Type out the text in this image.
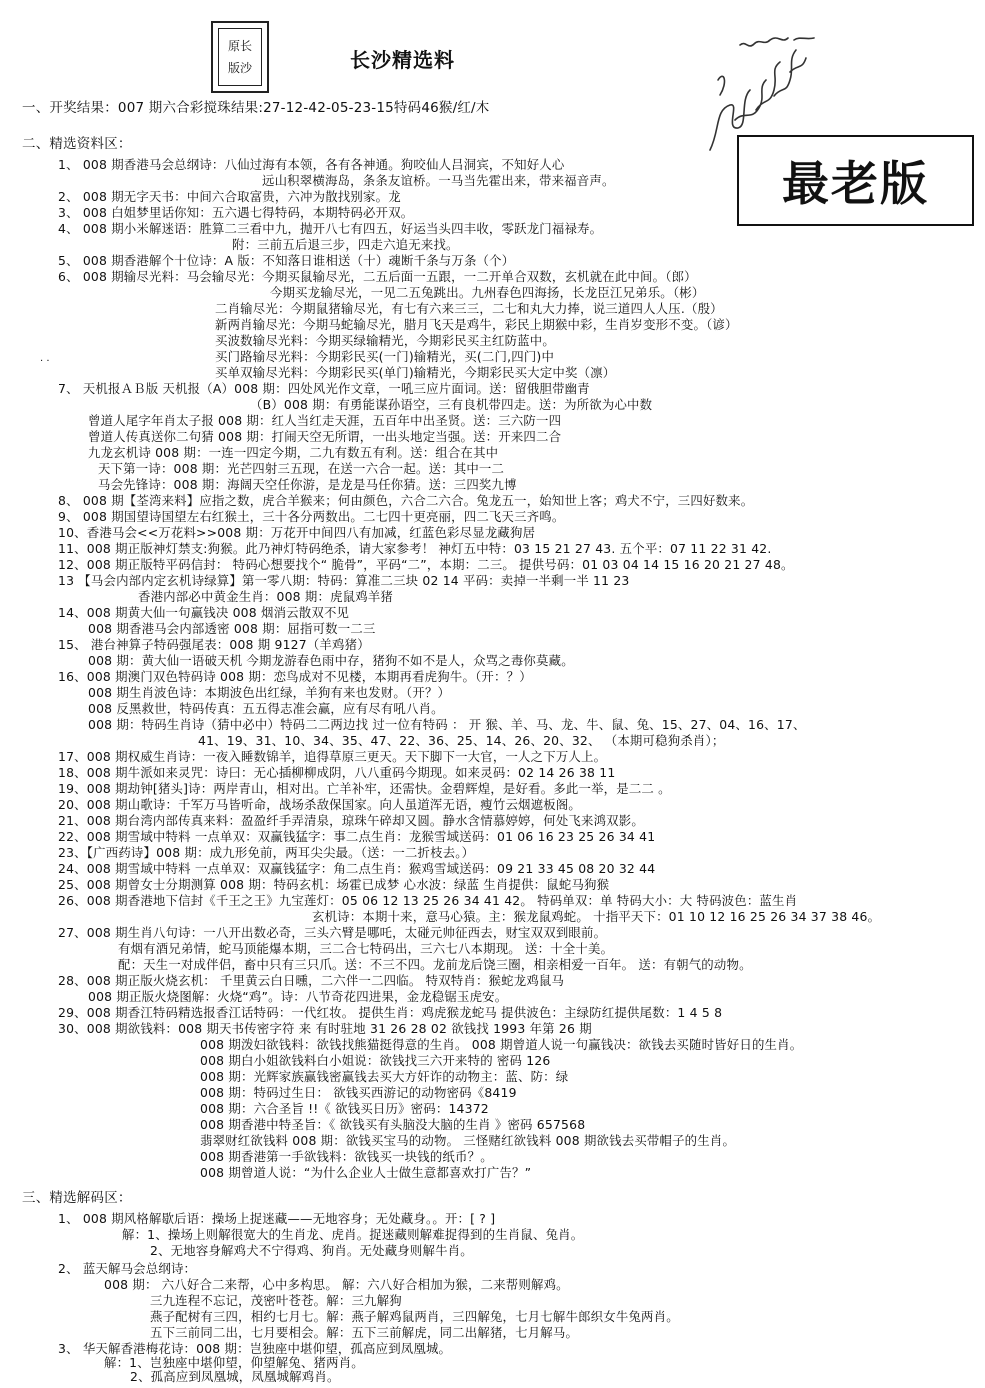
原长
版沙	长沙精选料
最老版
一、开奖结果：007 期六合彩搅珠结果:27-12-42-05-23-15特码46猴/红/木
二、精选资料区：
1、 008 期香港马会总纲诗：八仙过海有本领，各有各神通。狗咬仙人吕洞宾，不知好人心
远山积翠横海岛，条条友谊桥。一马当先霍出来，带来福音声。
2、 008 期无字天书：中间六合取富贵，六冲为散找别家。龙
3、 008 白姐梦里话你知：五六遇七得特码，本期特码必开双。
4、 008 期小米解迷语：胜算二三看中九，抛开八七有四五，好运当头四丰收，零跃龙门福禄寿。
附：三前五后退三步，四走六追无来找。
5、 008 期香港解个十位诗：A 版：不知落日谁相送（十）魂断千条与万条（个）
6、 008 期输尽光料：马会输尽光：今期买鼠输尽光，二五后面一五跟，一二开单合双数，玄机就在此中间。（郎）
今期买龙输尽光，一见二五兔跳出。九州春色四海扬，长龙臣江兄弟乐。（彬）
二肖输尽光：今期鼠猪输尽光，有七有六来三三，二七和丸大力捧，说三道四人人压.（殷）
新两肖输尽光：今期马蛇输尽光，腊月飞天是鸡牛，彩民上期猴中彩，生肖岁变形不变。（谚）
买波数输尽光料：今期买绿输精光，今期彩民买主红防蓝中。
买门路输尽光料：今期彩民买(一门)输精光，买(二门,四门)中
买单双输尽光料：今期彩民买(单门)输精光，今期彩民买大定中奖（凛）
. .
7、 天机报ＡＢ版 天机报（A）008 期：四处风光作文章，一吼三应片面词。送：留俄胆带幽青
（B）008 期：有勇能谋孙语空，三有良机带四走。送：为所欲为心中数
曾道人尾字年肖太子报 008 期：红人当红走天涯，五百年中出圣贤。送：三六防一四
曾道人传真送你二句猜 008 期：打闹天空无所谓，一出头地定当强。送：开来四二合
九龙玄机诗 008 期：一连一四定今期，二九有数五有利。送：组合在其中
天下第一诗：008 期：光芒四射三五现，在送一六合一起。送：其中一二
马会先锋诗：008 期：海阔天空任你游，是龙是马任你猜。送：三四奖九博
8、 008 期【荃湾来料】应指之数，虎合羊猴来；何由颜色，六合二六合。兔龙五一，始知世上客；鸡犬不宁，三四好数来。
9、 008 期国望诗国望左右红猴土，三十各分两数出。二七四十更亮丽，四二飞天三齐鸣。
10、香港马会<<万花料>>008 期：万花开中间四八有加减，红蓝色彩尽显龙藏狗居
11、008 期正版神灯禁支:狗猴。此乃神灯特码绝杀，请大家参考！ 神灯五中特：03 15 21 27 43. 五个平：07 11 22 31 42.
12、008 期正版特平码信封： 特码心想要找个“ 脆骨”，平码“二”，本期：二三。 提供号码：01 03 04 14 15 16 20 21 27 48。
13 【马会内部内定玄机诗绿算】第一零八期：特码：算准二三块 02 14 平码：卖掉一半剩一半 11 23
香港内部必中黄金生肖：008 期：虎鼠鸡羊猪
14、008 期黄大仙一句赢钱决 008 烟消云散双不见
008 期香港马会内部透密 008 期：屈指可数一二三
15、 港台神算子特码强尾表：008 期 9127（羊鸡猪）
008 期：黄大仙一语破天机 今期龙游春色雨中存，猪狗不如不是人，众骂之毒你莫藏。
16、008 期澳门双色特码诗 008 期：恋鸟成对不见楼，本期再看虎狗牛。（开：？）
008 期生肖波色诗：本期波色出红绿，羊狗有来也发财。（开？）
008 反黑救世，特码传真：五五得志准会赢，应有尽有吼八肖。
008 期：特码生肖诗（猜中必中）特码二二两边找 过一位有特码 ： 开 猴、羊、马、龙、牛、鼠、兔、15、27、04、16、17、
41、19、31、10、34、35、47、22、36、25、14、26、20、32、 （本期可稳狗杀肖）；
17、008 期权威生肖诗：一夜入睡数锦羊，追得草原三更天。天下脚下一大官，一人之下万人上。
18、008 期牛派如来灵咒：诗曰：无心插柳柳成阴，八八重码今期现。如来灵码：02 14 26 38 11
19、008 期劫钟[猪头]诗：两岸青山，相对出。亡羊补牢，还需快。金碧辉煌，是好看。多此一举，是二二 。
20、008 期山歌诗：千军万马皆听命，战场杀敌保国家。向人虽道浑无语，瘦竹云烟遮板阁。
21、008 期台湾内部传真来料：盈盈纤手弄清泉，琼珠午碎却又圆。静水含情慕婷婷，何处飞来鸿双影。
22、008 期雪域中特料 一点单双：双赢钱猛字：事二点生肖：龙猴雪域送码：01 06 16 23 25 26 34 41
23、【广西药诗】008 期：成九形免前，两耳尖尖最。（送：一二折枝去。）
24、008 期雪域中特料 一点单双：双赢钱猛字：角二点生肖：猴鸡雪域送码：09 21 33 45 08 20 32 44
25、008 期曾女士分期测算 008 期：特码玄机：场霍已成梦 心水波：绿蓝 生肖提供：鼠蛇马狗猴
26、008 期香港地下信封《千王之王》九宝莲灯：05 06 12 13 25 26 34 41 42。 特码单双：单 特码大小：大 特码波色：蓝生肖
玄机诗：本期十来，意马心猿。主：猴龙鼠鸡蛇。 十指平天下：01 10 12 16 25 26 34 37 38 46。
27、008 期生肖八句诗：一八开出数必奇，三头六臂是哪吒，太碰元帅征西去，财宝双双到眼前。
有烟有酒兄弟情，蛇马顶能爆本期，三二合七特码出，三六七八本期现。 送：十全十美。
配：天生一对成伴侣，畜中只有三只爪。送：不三不四。龙前龙后饶三圈，相亲相爱一百年。 送：有朝气的动物。
28、008 期正版火烧玄机： 千里黄云白日曛，二六伴一二四临。 特双特肖：猴蛇龙鸡鼠马
008 期正版火烧图解：火烧“鸡”。诗：八节奇花四进果，金龙稳锯玉虎安。
29、008 期香江特码精选报香江话特码：一代红妆。 提供生肖：鸡虎猴龙蛇马 提供波色：主绿防红提供尾数：1 4 5 8
30、008 期欲钱料：008 期天书传密字符 来 有时驻地 31 26 28 02 欲钱找 1993 年第 26 期
008 期泼妇欲钱料：欲钱找熊猫挺得意的生肖。 008 期曾道人说一句赢钱决：欲钱去买随时皆好日的生肖。
008 期白小姐欲钱料白小姐说：欲钱找三六开来特的 密码 126
008 期：光辉家族赢钱密赢钱去买大方奸诈的动物主：蓝、防：绿
008 期：特码过生日： 欲钱买西游记的动物密码《8419
008 期：六合圣旨 !!《 欲钱买日历》密码：14372
008 期香港中特圣旨：《 欲钱买有头脑没大脑的生肖 》密码 657568
翡翠财红欲钱料 008 期：欲钱买宝马的动物。 三怪赌红欲钱料 008 期欲钱去买带帽子的生肖。
008 期香港第一手欲钱料：欲钱买一块钱的纸币？。
008 期曾道人说：“为什么企业人士做生意都喜欢打广告？”
三、精选解码区：
1、 008 期风格解歇后语：操场上捉迷藏——无地容身；无处藏身。。开：[ ? ]
解：1、操场上则解很宽大的生肖龙、虎肖。捉迷藏则解难捉得到的生肖鼠、兔肖。
2、无地容身解鸡犬不宁得鸡、狗肖。无处藏身则解牛肖。
2、 蓝天解马会总纲诗：
008 期： 六八好合二来帮，心中多构思。 解：六八好合相加为猴，二来帮则解鸡。
三九连程不忘记，茂密叶苍苍。解：三九解狗
燕子配树有三四，相约七月七。解：燕子解鸡鼠两肖，三四解兔，七月七解牛郎织女牛兔两肖。
五下三前同二出，七月要相会。解：五下三前解虎，同二出解猪，七月解马。
3、 华天解香港梅花诗：008 期：岂独座中堪仰望，孤高应到凤凰城。
解：1、岂独座中堪仰望，仰望解兔、猪两肖。
2、孤高应到凤凰城，凤凰城解鸡肖。
